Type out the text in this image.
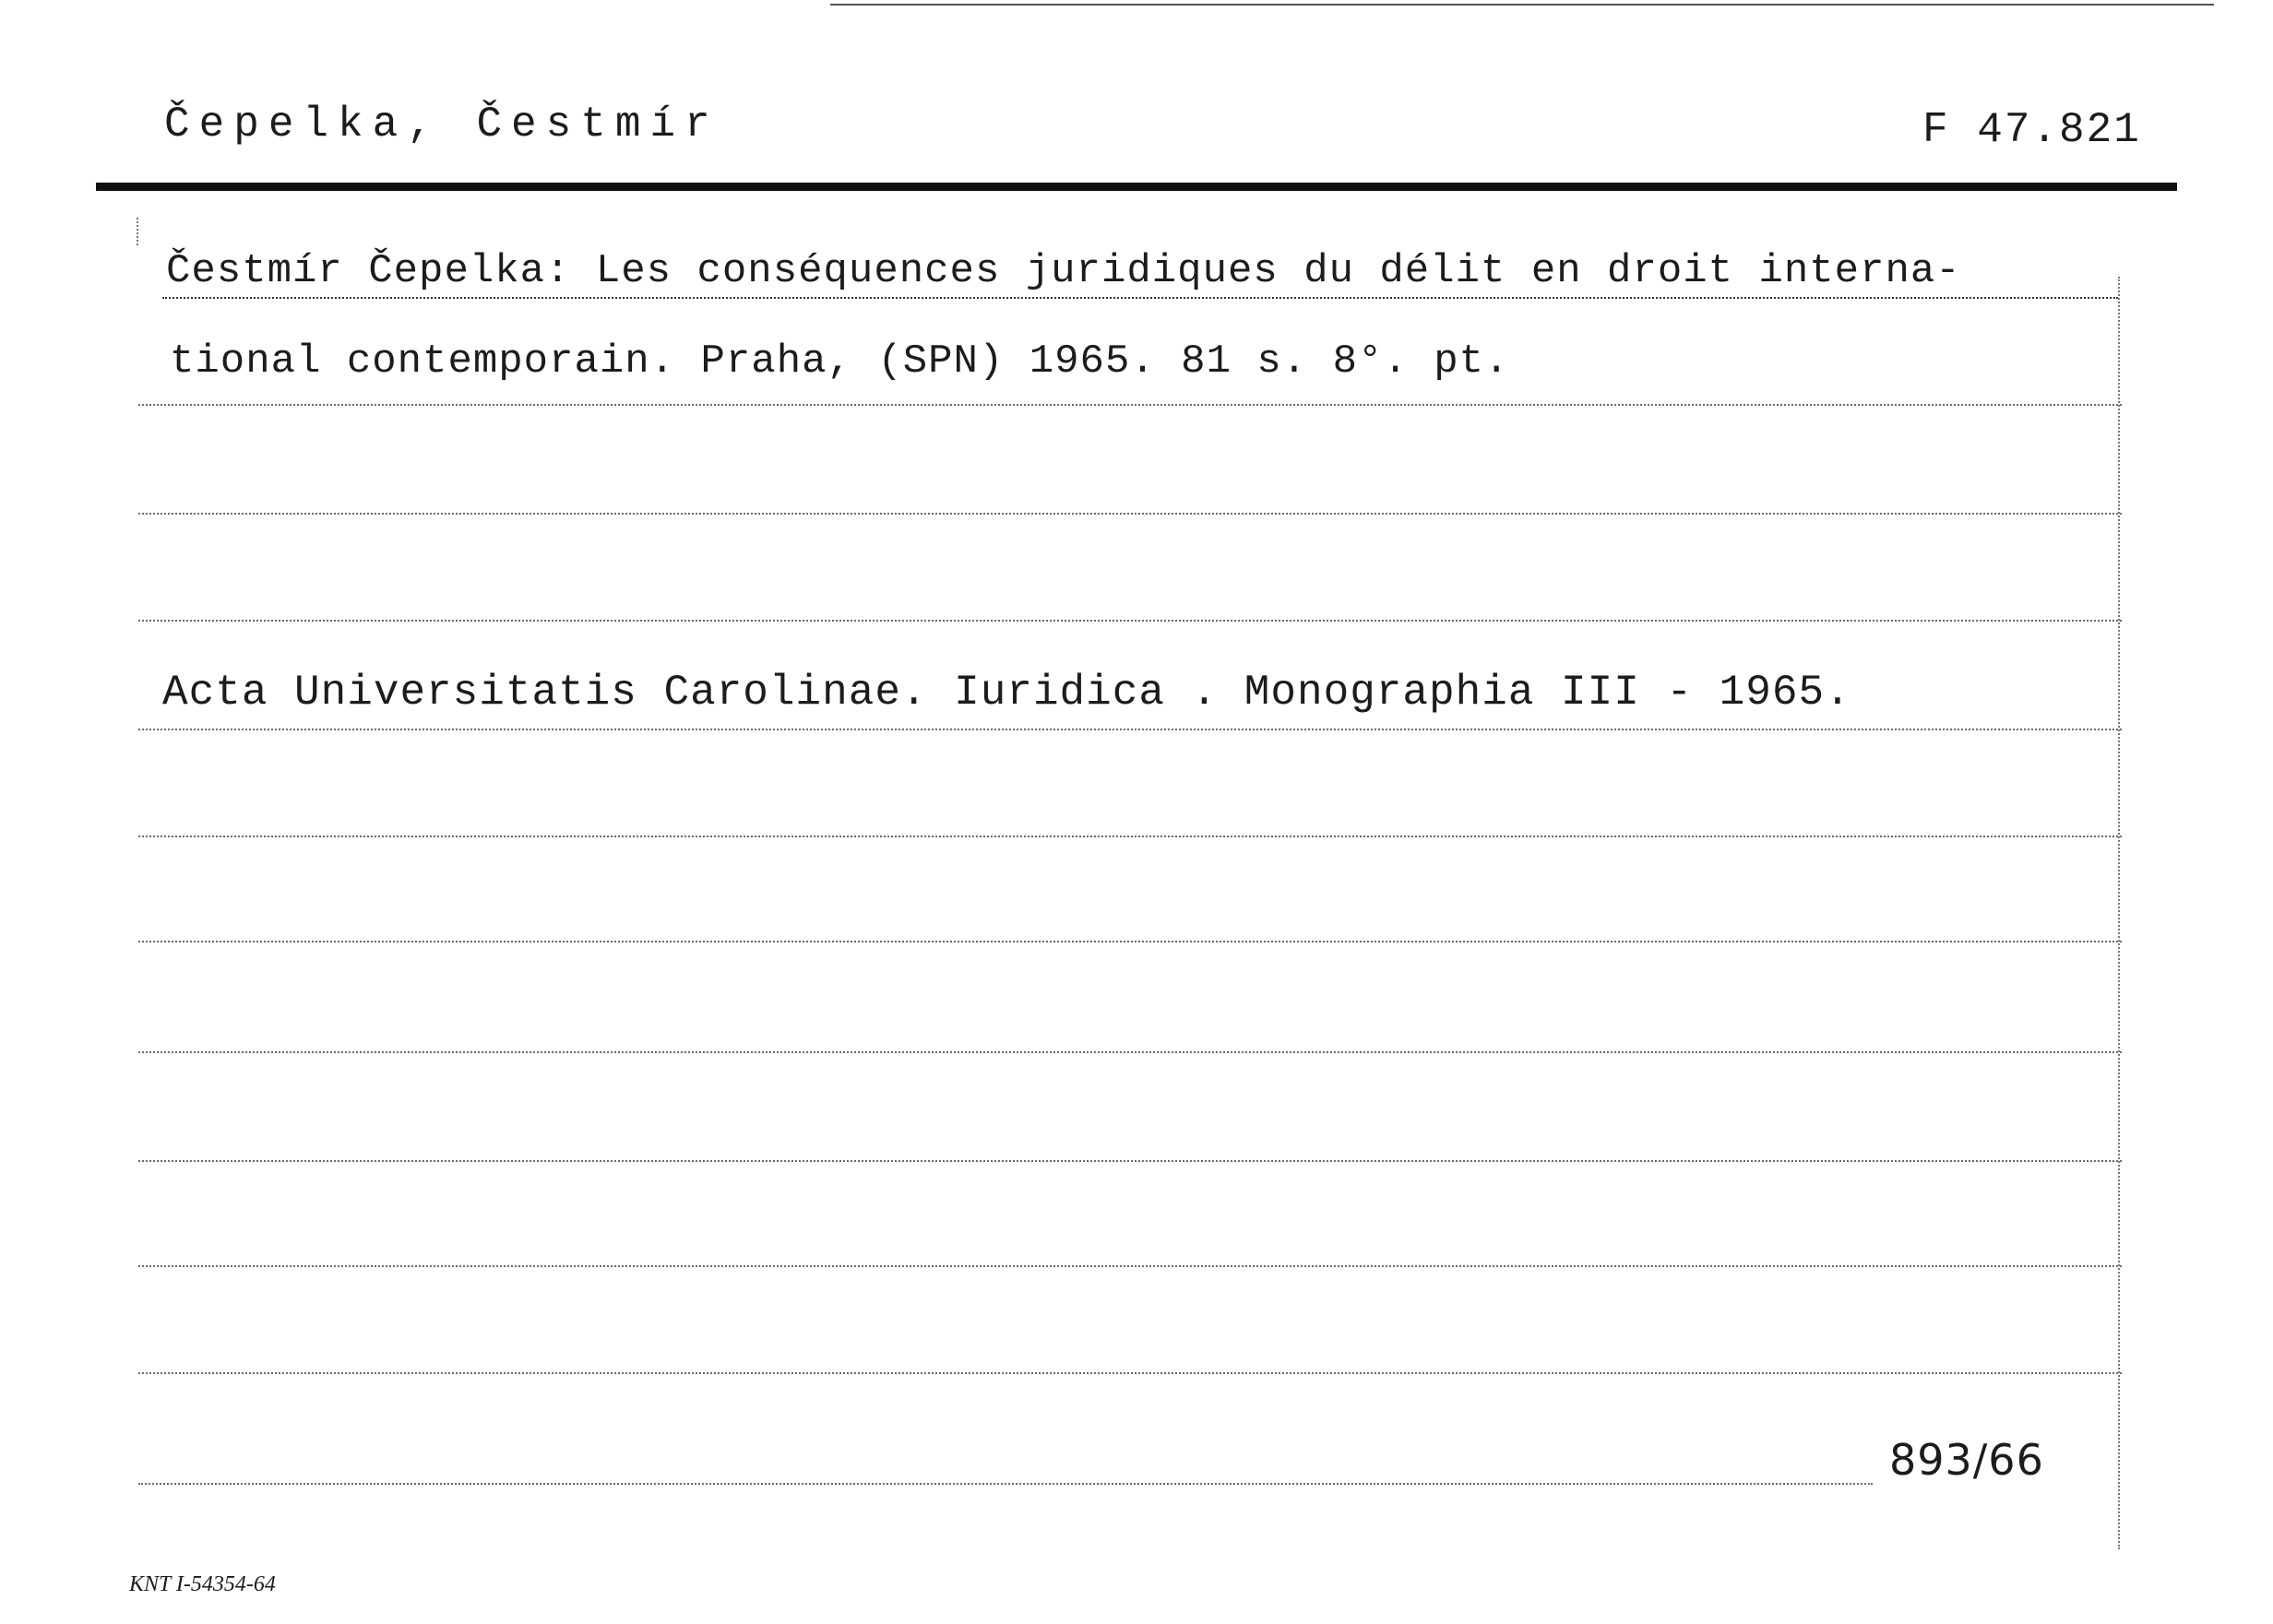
Čepelka, Čestmír	F 47.821
Čestmír Čepelka: Les conséquences juridiques du délit en droit interna-
tional contemporain. Praha, (SPN) 1965. 81 s. 8°. pt.
Acta Universitatis Carolinae. Iuridica . Monographia III - 1965.
893/66
KNT I-54354-64
